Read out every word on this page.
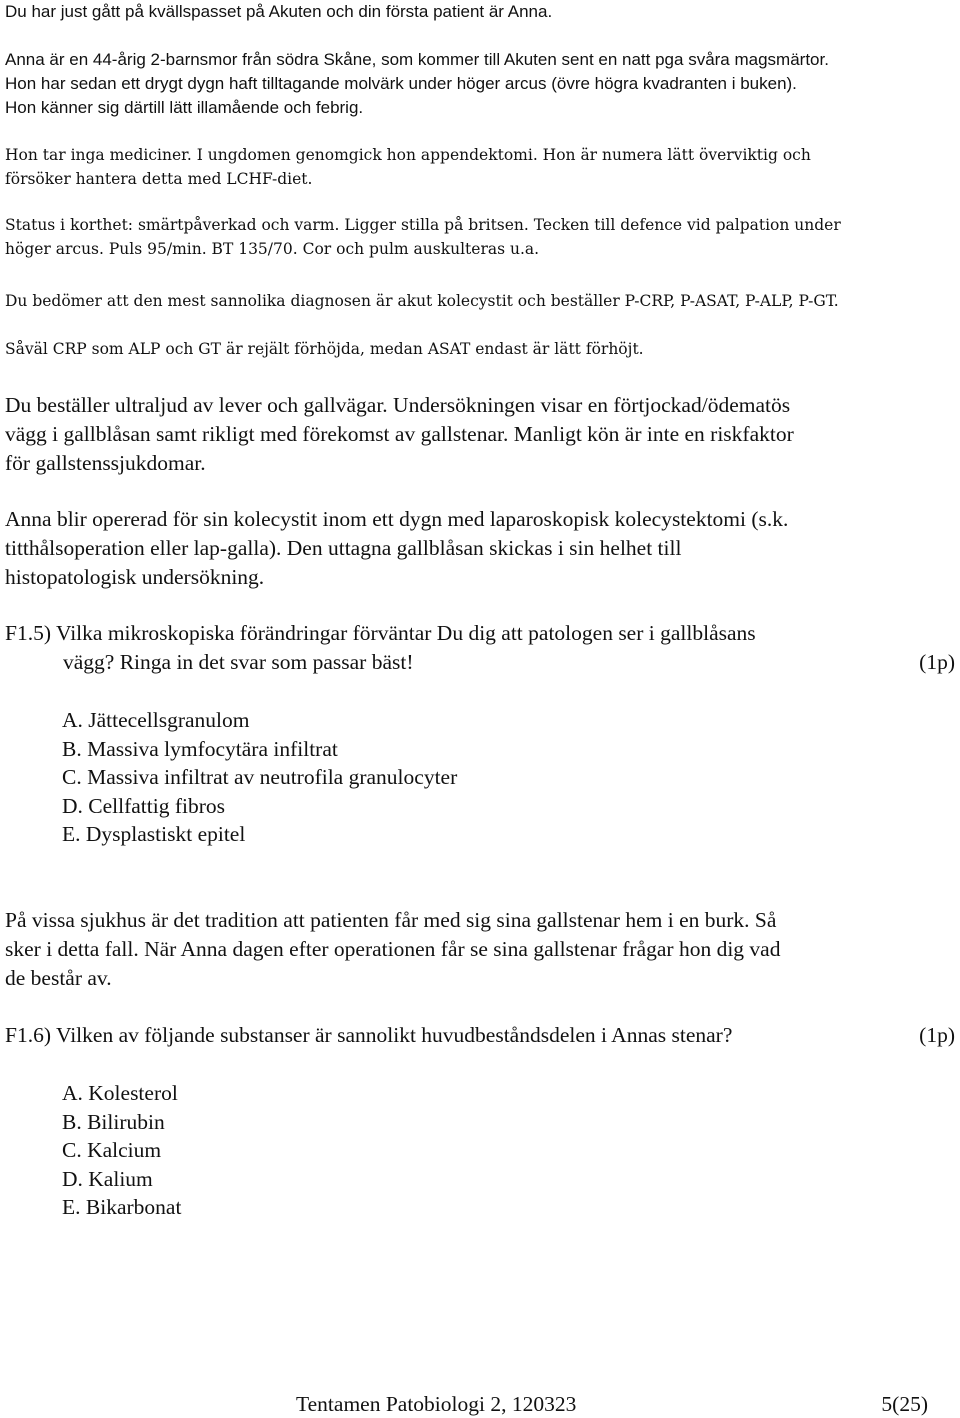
Du har just gått på kvällspasset på Akuten och din första patient är Anna.

Anna är en 44-årig 2-barnsmor från södra Skåne, som kommer till Akuten sent en natt pga svåra magsmärtor.
Hon har sedan ett drygt dygn haft tilltagande molvärk under höger arcus (övre högra kvadranten i buken).
Hon känner sig därtill lätt illamående och febrig.
Hon tar inga mediciner. I ungdomen genomgick hon appendektomi. Hon är numera lätt överviktig och
försöker hantera detta med LCHF-diet.
Status i korthet: smärtpåverkad och varm. Ligger stilla på britsen. Tecken till defence vid palpation under
höger arcus. Puls 95/min. BT 135/70. Cor och pulm auskulteras u.a.

Du bedömer att den mest sannolika diagnosen är akut kolecystit och beställer P-CRP, P-ASAT, P-ALP, P-GT.

Såväl CRP som ALP och GT är rejält förhöjda, medan ASAT endast är lätt förhöjt.

Du beställer ultraljud av lever och gallvägar. Undersökningen visar en förtjockad/ödematös
vägg i gallblåsan samt rikligt med förekomst av gallstenar. Manligt kön är inte en riskfaktor
för gallstenssjukdomar.
Anna blir opererad för sin kolecystit inom ett dygn med laparoskopisk kolecystektomi (s.k.
titthålsoperation eller lap-galla). Den uttagna gallblåsan skickas i sin helhet till
histopatologisk undersökning.
F1.5) Vilka mikroskopiska förändringar förväntar Du dig att patologen ser i gallblåsans
vägg? Ringa in det svar som passar bäst!	(1p)
A. Jättecellsgranulom
B. Massiva lymfocytära infiltrat
C. Massiva infiltrat av neutrofila granulocyter
D. Cellfattig fibros
E. Dysplastiskt epitel
På vissa sjukhus är det tradition att patienten får med sig sina gallstenar hem i en burk. Så
sker i detta fall. När Anna dagen efter operationen får se sina gallstenar frågar hon dig vad
de består av.
F1.6) Vilken av följande substanser är sannolikt huvudbeståndsdelen i Annas stenar?	(1p)
A. Kolesterol
B. Bilirubin
C. Kalcium
D. Kalium
E. Bikarbonat
Tentamen Patobiologi 2, 120323	5(25)
